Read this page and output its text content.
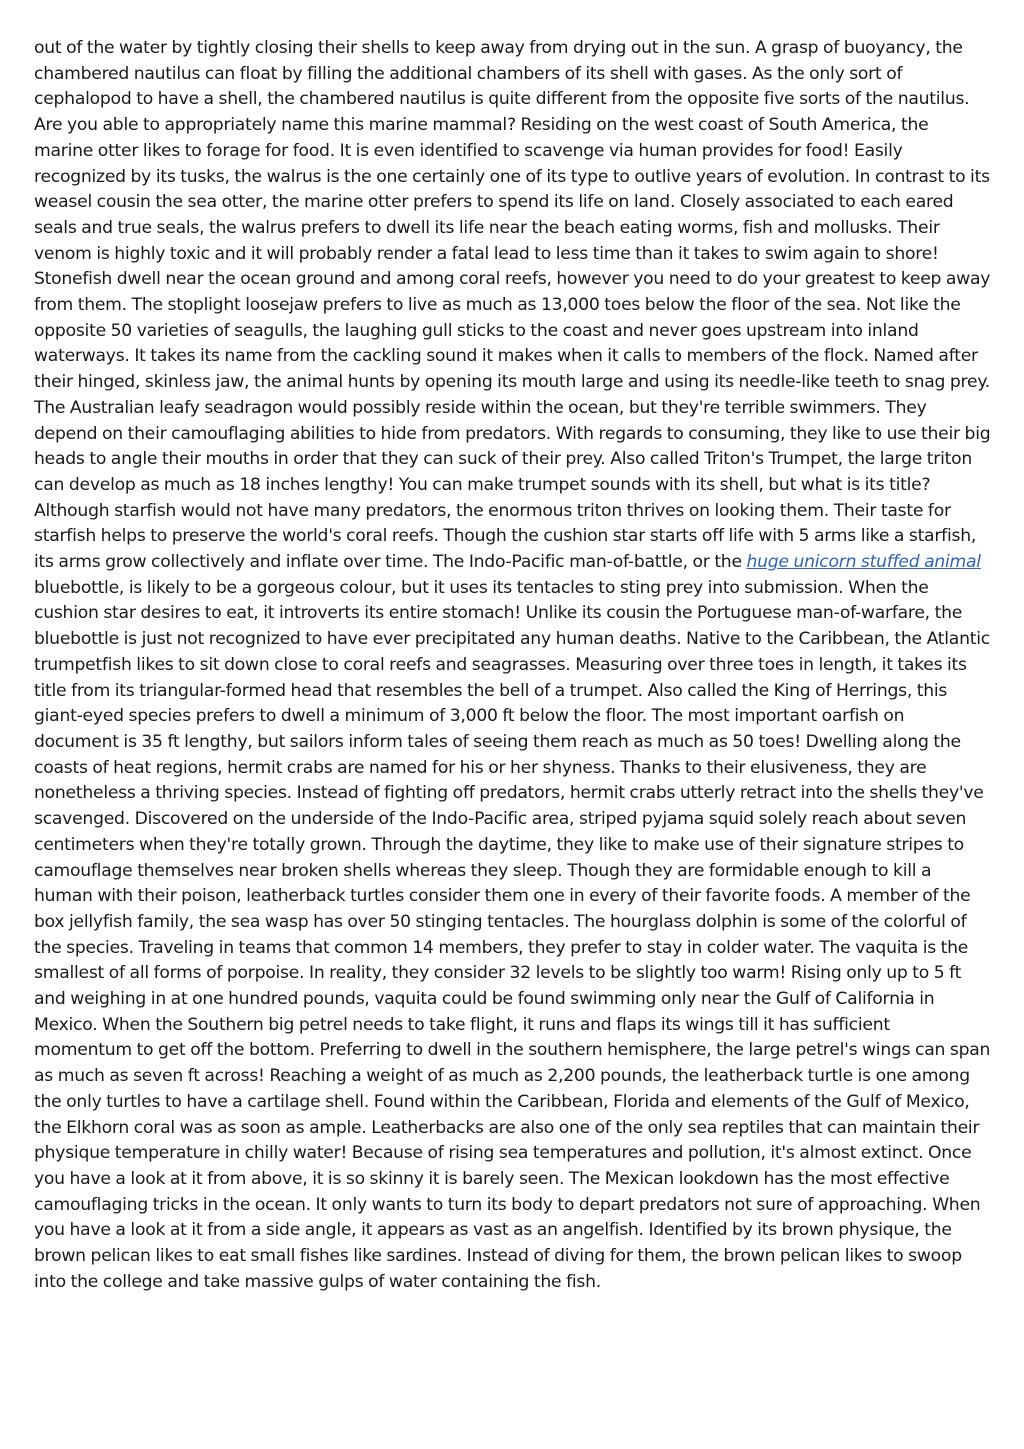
out of the water by tightly closing their shells to keep away from drying out in the sun. A grasp of buoyancy, the chambered nautilus can float by filling the additional chambers of its shell with gases. As the only sort of cephalopod to have a shell, the chambered nautilus is quite different from the opposite five sorts of the nautilus. Are you able to appropriately name this marine mammal? Residing on the west coast of South America, the marine otter likes to forage for food. It is even identified to scavenge via human provides for food! Easily recognized by its tusks, the walrus is the one certainly one of its type to outlive years of evolution. In contrast to its weasel cousin the sea otter, the marine otter prefers to spend its life on land. Closely associated to each eared seals and true seals, the walrus prefers to dwell its life near the beach eating worms, fish and mollusks. Their venom is highly toxic and it will probably render a fatal lead to less time than it takes to swim again to shore! Stonefish dwell near the ocean ground and among coral reefs, however you need to do your greatest to keep away from them. The stoplight loosejaw prefers to live as much as 13,000 toes below the floor of the sea. Not like the opposite 50 varieties of seagulls, the laughing gull sticks to the coast and never goes upstream into inland waterways. It takes its name from the cackling sound it makes when it calls to members of the flock. Named after their hinged, skinless jaw, the animal hunts by opening its mouth large and using its needle-like teeth to snag prey. The Australian leafy seadragon would possibly reside within the ocean, but they're terrible swimmers. They depend on their camouflaging abilities to hide from predators. With regards to consuming, they like to use their big heads to angle their mouths in order that they can suck of their prey. Also called Triton's Trumpet, the large triton can develop as much as 18 inches lengthy! You can make trumpet sounds with its shell, but what is its title? Although starfish would not have many predators, the enormous triton thrives on looking them. Their taste for starfish helps to preserve the world's coral reefs. Though the cushion star starts off life with 5 arms like a starfish, its arms grow collectively and inflate over time. The Indo-Pacific man-of-battle, or the huge unicorn stuffed animal bluebottle, is likely to be a gorgeous colour, but it uses its tentacles to sting prey into submission. When the cushion star desires to eat, it introverts its entire stomach! Unlike its cousin the Portuguese man-of-warfare, the bluebottle is just not recognized to have ever precipitated any human deaths. Native to the Caribbean, the Atlantic trumpetfish likes to sit down close to coral reefs and seagrasses. Measuring over three toes in length, it takes its title from its triangular-formed head that resembles the bell of a trumpet. Also called the King of Herrings, this giant-eyed species prefers to dwell a minimum of 3,000 ft below the floor. The most important oarfish on document is 35 ft lengthy, but sailors inform tales of seeing them reach as much as 50 toes! Dwelling along the coasts of heat regions, hermit crabs are named for his or her shyness. Thanks to their elusiveness, they are nonetheless a thriving species. Instead of fighting off predators, hermit crabs utterly retract into the shells they've scavenged. Discovered on the underside of the Indo-Pacific area, striped pyjama squid solely reach about seven centimeters when they're totally grown. Through the daytime, they like to make use of their signature stripes to camouflage themselves near broken shells whereas they sleep. Though they are formidable enough to kill a human with their poison, leatherback turtles consider them one in every of their favorite foods. A member of the box jellyfish family, the sea wasp has over 50 stinging tentacles. The hourglass dolphin is some of the colorful of the species. Traveling in teams that common 14 members, they prefer to stay in colder water. The vaquita is the smallest of all forms of porpoise. In reality, they consider 32 levels to be slightly too warm! Rising only up to 5 ft and weighing in at one hundred pounds, vaquita could be found swimming only near the Gulf of California in Mexico. When the Southern big petrel needs to take flight, it runs and flaps its wings till it has sufficient momentum to get off the bottom. Preferring to dwell in the southern hemisphere, the large petrel's wings can span as much as seven ft across! Reaching a weight of as much as 2,200 pounds, the leatherback turtle is one among the only turtles to have a cartilage shell. Found within the Caribbean, Florida and elements of the Gulf of Mexico, the Elkhorn coral was as soon as ample. Leatherbacks are also one of the only sea reptiles that can maintain their physique temperature in chilly water! Because of rising sea temperatures and pollution, it's almost extinct. Once you have a look at it from above, it is so skinny it is barely seen. The Mexican lookdown has the most effective camouflaging tricks in the ocean. It only wants to turn its body to depart predators not sure of approaching. When you have a look at it from a side angle, it appears as vast as an angelfish. Identified by its brown physique, the brown pelican likes to eat small fishes like sardines. Instead of diving for them, the brown pelican likes to swoop into the college and take massive gulps of water containing the fish.
